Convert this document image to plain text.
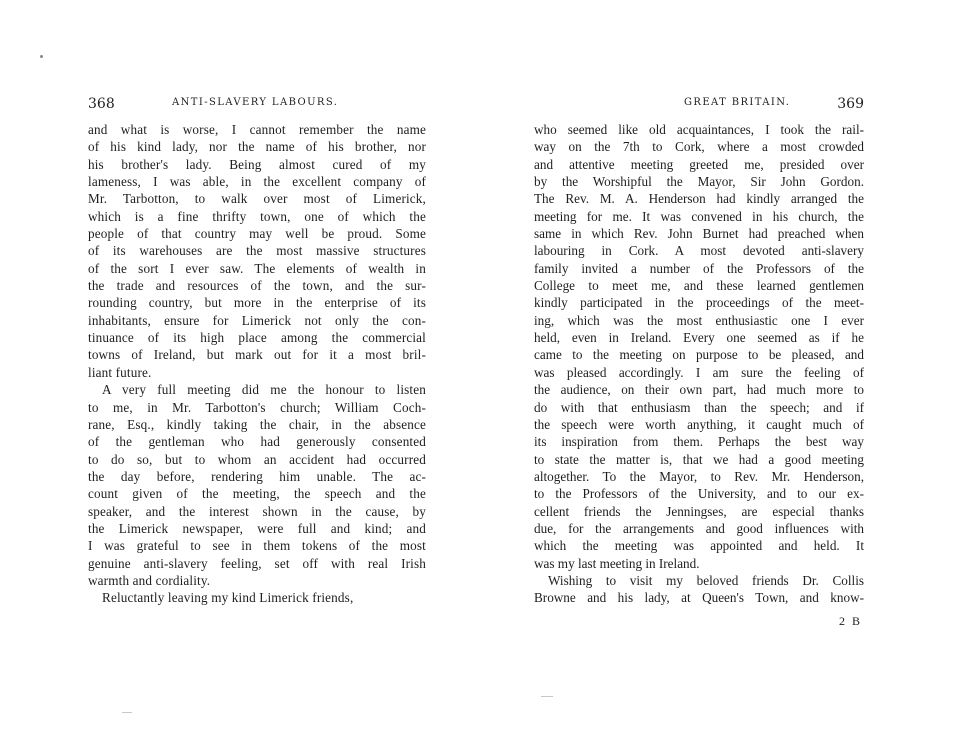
368	ANTI-SLAVERY LABOURS.
and what is worse, I cannot remember the name
of his kind lady, nor the name of his brother, nor
his brother's lady. Being almost cured of my
lameness, I was able, in the excellent company of
Mr. Tarbotton, to walk over most of Limerick,
which is a fine thrifty town, one of which the
people of that country may well be proud. Some
of its warehouses are the most massive structures
of the sort I ever saw. The elements of wealth in
the trade and resources of the town, and the sur-
rounding country, but more in the enterprise of its
inhabitants, ensure for Limerick not only the con-
tinuance of its high place among the commercial
towns of Ireland, but mark out for it a most bril-
liant future.
A very full meeting did me the honour to listen
to me, in Mr. Tarbotton's church; William Coch-
rane, Esq., kindly taking the chair, in the absence
of the gentleman who had generously consented
to do so, but to whom an accident had occurred
the day before, rendering him unable. The ac-
count given of the meeting, the speech and the
speaker, and the interest shown in the cause, by
the Limerick newspaper, were full and kind; and
I was grateful to see in them tokens of the most
genuine anti-slavery feeling, set off with real Irish
warmth and cordiality.
Reluctantly leaving my kind Limerick friends,
GREAT BRITAIN.	369
who seemed like old acquaintances, I took the rail-
way on the 7th to Cork, where a most crowded
and attentive meeting greeted me, presided over
by the Worshipful the Mayor, Sir John Gordon.
The Rev. M. A. Henderson had kindly arranged the
meeting for me. It was convened in his church, the
same in which Rev. John Burnet had preached when
labouring in Cork. A most devoted anti-slavery
family invited a number of the Professors of the
College to meet me, and these learned gentlemen
kindly participated in the proceedings of the meet-
ing, which was the most enthusiastic one I ever
held, even in Ireland. Every one seemed as if he
came to the meeting on purpose to be pleased, and
was pleased accordingly. I am sure the feeling of
the audience, on their own part, had much more to
do with that enthusiasm than the speech; and if
the speech were worth anything, it caught much of
its inspiration from them. Perhaps the best way
to state the matter is, that we had a good meeting
altogether. To the Mayor, to Rev. Mr. Henderson,
to the Professors of the University, and to our ex-
cellent friends the Jenningses, are especial thanks
due, for the arrangements and good influences with
which the meeting was appointed and held. It
was my last meeting in Ireland.
Wishing to visit my beloved friends Dr. Collis
Browne and his lady, at Queen's Town, and know-
2 B
